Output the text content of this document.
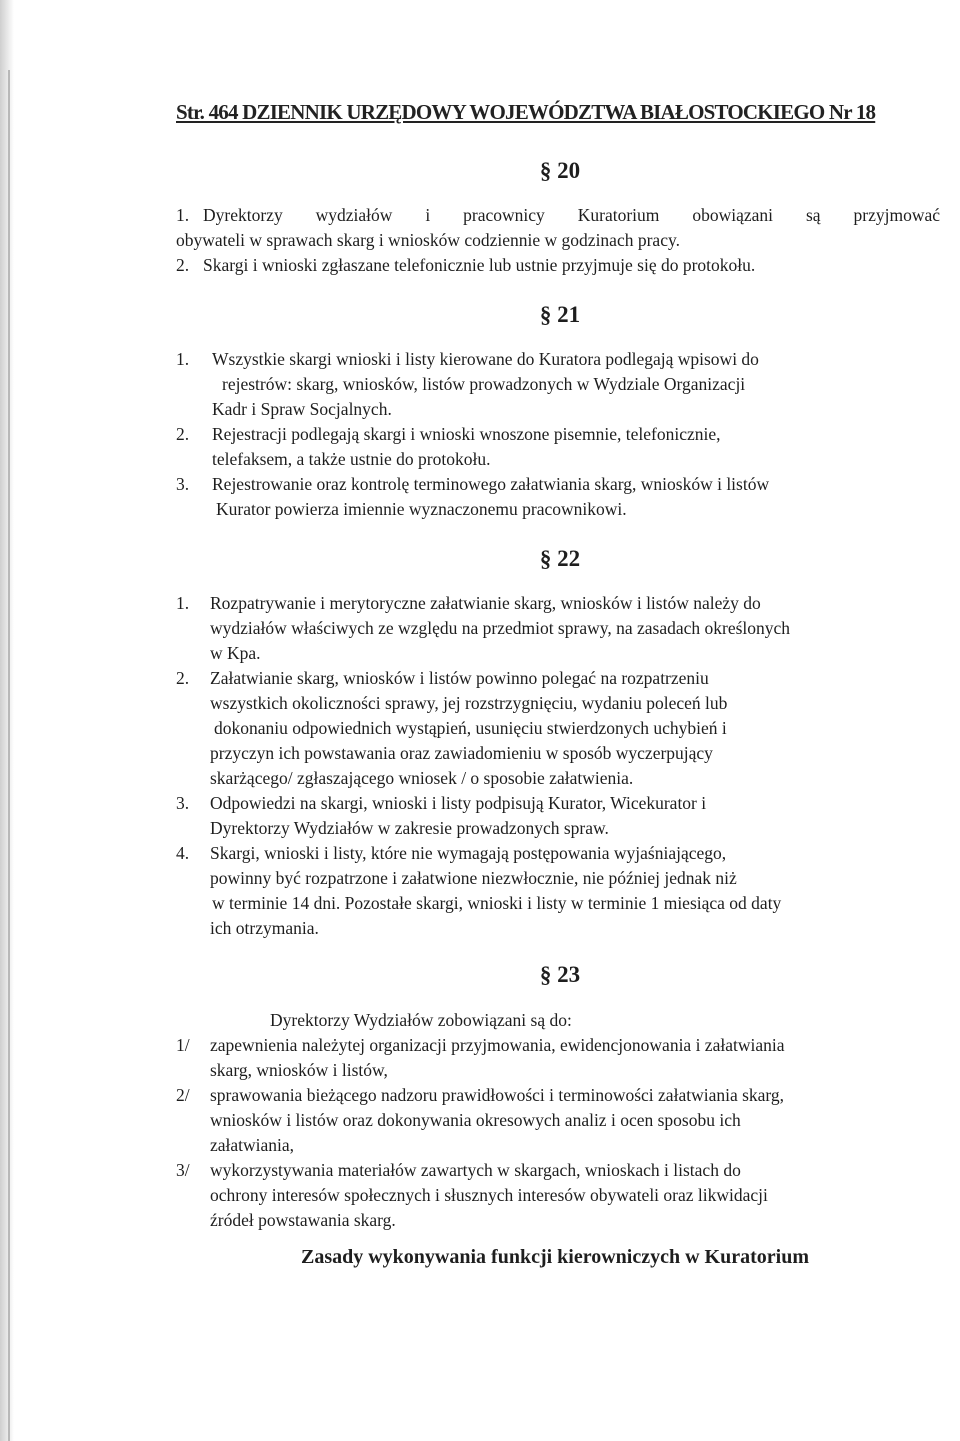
Str. 464 DZIENNIK URZĘDOWY WOJEWÓDZTWA BIAŁOSTOCKIEGO Nr 18
§ 20
1. Dyrektorzy wydziałów i pracownicy Kuratorium obowiązani są przyjmować
obywateli w sprawach skarg i wniosków codziennie w godzinach pracy.
2. Skargi i wnioski zgłaszane telefonicznie lub ustnie przyjmuje się do protokołu.
§ 21
1. Wszystkie skargi wnioski i listy kierowane do Kuratora podlegają wpisowi do
rejestrów: skarg, wniosków, listów prowadzonych w Wydziale Organizacji
Kadr i Spraw Socjalnych.
2. Rejestracji podlegają skargi i wnioski wnoszone pisemnie, telefonicznie,
telefaksem, a także ustnie do protokołu.
3. Rejestrowanie oraz kontrolę terminowego załatwiania skarg, wniosków i listów
Kurator powierza imiennie wyznaczonemu pracownikowi.
§ 22
1. Rozpatrywanie i merytoryczne załatwianie skarg, wniosków i listów należy do
wydziałów właściwych ze względu na przedmiot sprawy, na zasadach określonych
w Kpa.
2. Załatwianie skarg, wniosków i listów powinno polegać na rozpatrzeniu
wszystkich okoliczności sprawy, jej rozstrzygnięciu, wydaniu poleceń lub
dokonaniu odpowiednich wystąpień, usunięciu stwierdzonych uchybień i
przyczyn ich powstawania oraz zawiadomieniu w sposób wyczerpujący
skarżącego/ zgłaszającego wniosek / o sposobie załatwienia.
3. Odpowiedzi na skargi, wnioski i listy podpisują Kurator, Wicekurator i
Dyrektorzy Wydziałów w zakresie prowadzonych spraw.
4. Skargi, wnioski i listy, które nie wymagają postępowania wyjaśniającego,
powinny być rozpatrzone i załatwione niezwłocznie, nie później jednak niż
w terminie 14 dni. Pozostałe skargi, wnioski i listy w terminie 1 miesiąca od daty
ich otrzymania.
§ 23
Dyrektorzy Wydziałów zobowiązani są do:
1/ zapewnienia należytej organizacji przyjmowania, ewidencjonowania i załatwiania
skarg, wniosków i listów,
2/ sprawowania bieżącego nadzoru prawidłowości i terminowości załatwiania skarg,
wniosków i listów oraz dokonywania okresowych analiz i ocen sposobu ich
załatwiania,
3/ wykorzystywania materiałów zawartych w skargach, wnioskach i listach do
ochrony interesów społecznych i słusznych interesów obywateli oraz likwidacji
źródeł powstawania skarg.
Zasady wykonywania funkcji kierowniczych w Kuratorium
